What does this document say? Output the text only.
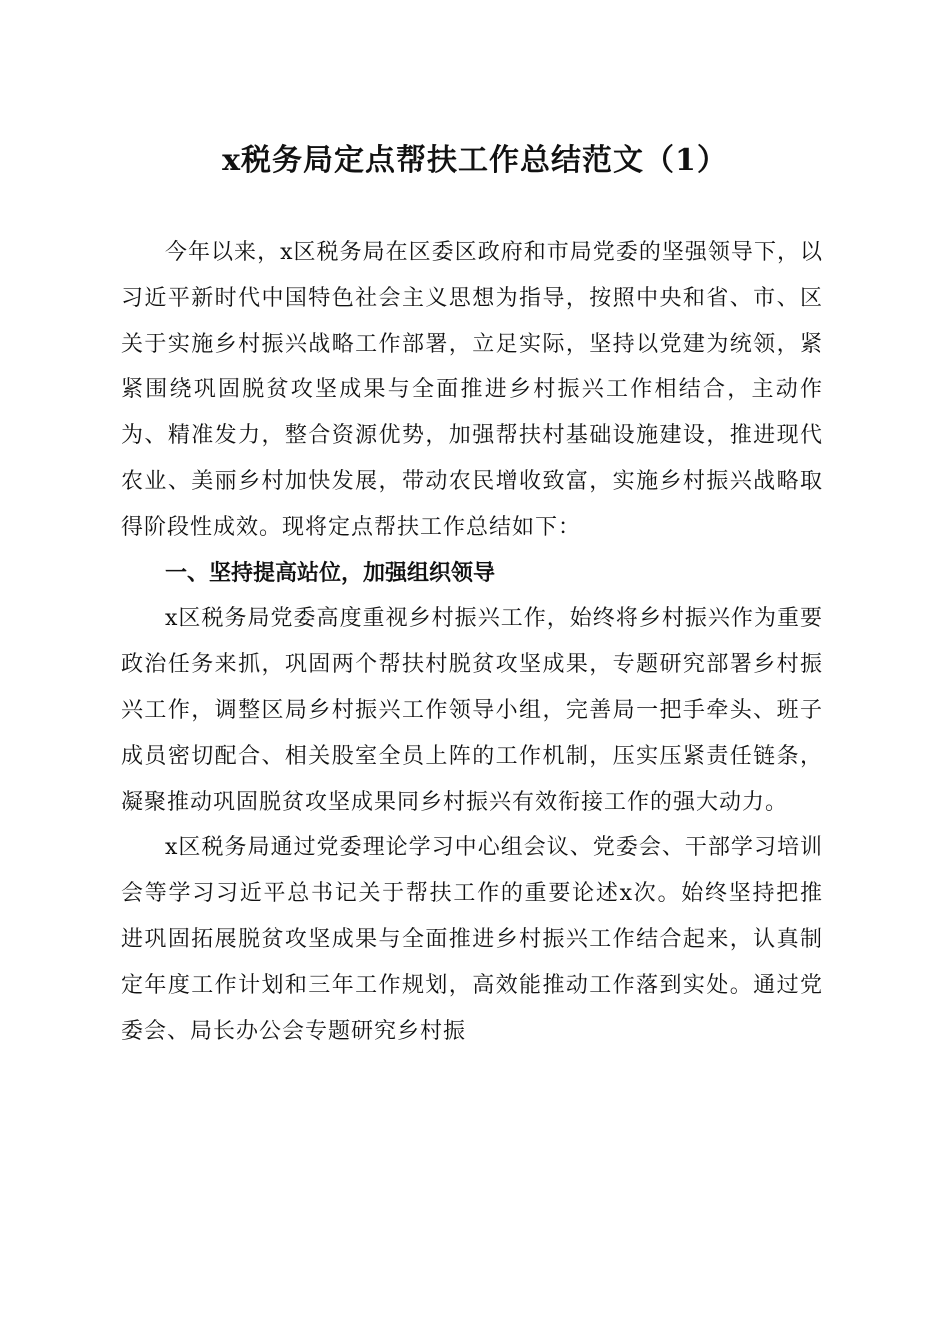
x税务局定点帮扶工作总结范文（1）

今年以来，x区税务局在区委区政府和市局党委的坚强领导下，以习近平新时代中国特色社会主义思想为指导，按照中央和省、市、区关于实施乡村振兴战略工作部署，立足实际，坚持以党建为统领，紧紧围绕巩固脱贫攻坚成果与全面推进乡村振兴工作相结合，主动作为、精准发力，整合资源优势，加强帮扶村基础设施建设，推进现代农业、美丽乡村加快发展，带动农民增收致富，实施乡村振兴战略取得阶段性成效。现将定点帮扶工作总结如下：

一、坚持提高站位，加强组织领导

x区税务局党委高度重视乡村振兴工作，始终将乡村振兴作为重要政治任务来抓，巩固两个帮扶村脱贫攻坚成果，专题研究部署乡村振兴工作，调整区局乡村振兴工作领导小组，完善局一把手牵头、班子成员密切配合、相关股室全员上阵的工作机制，压实压紧责任链条，凝聚推动巩固脱贫攻坚成果同乡村振兴有效衔接工作的强大动力。

x区税务局通过党委理论学习中心组会议、党委会、干部学习培训会等学习习近平总书记关于帮扶工作的重要论述x次。始终坚持把推进巩固拓展脱贫攻坚成果与全面推进乡村振兴工作结合起来，认真制定年度工作计划和三年工作规划，高效能推动工作落到实处。通过党委会、局长办公会专题研究乡村振
